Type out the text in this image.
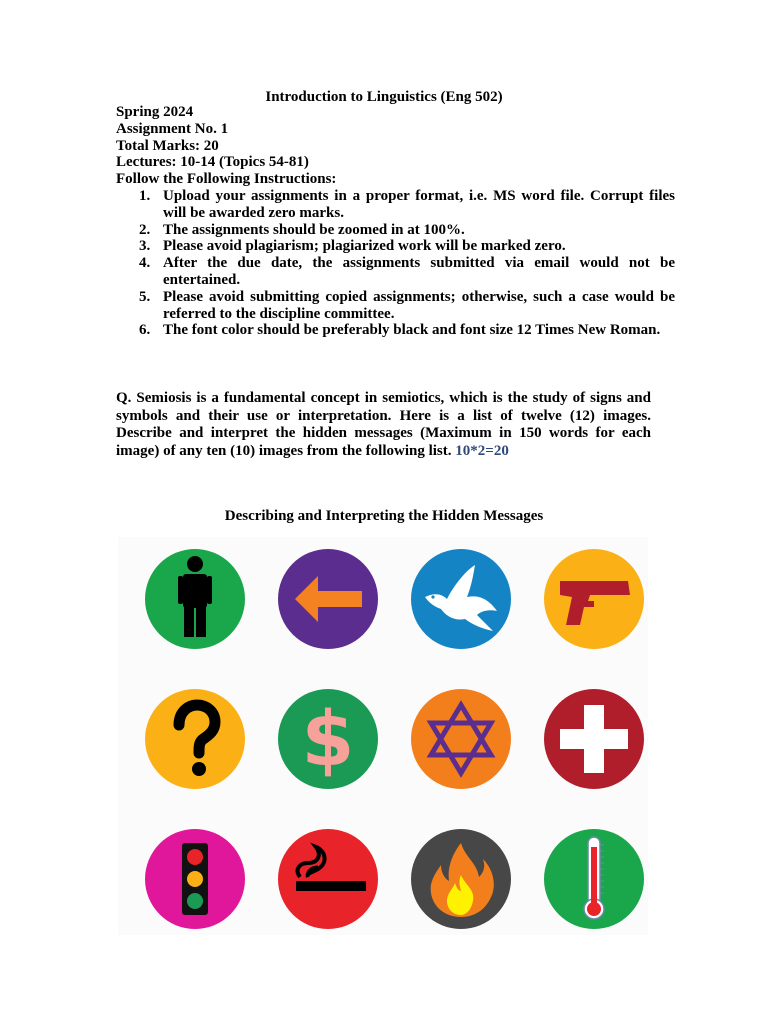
Introduction to Linguistics (Eng 502)
Spring 2024
Assignment No. 1
Total Marks: 20
Lectures: 10-14 (Topics 54-81)
Follow the Following Instructions:
1. Upload your assignments in a proper format, i.e. MS word file. Corrupt files will be awarded zero marks.
2. The assignments should be zoomed in at 100%.
3. Please avoid plagiarism; plagiarized work will be marked zero.
4. After the due date, the assignments submitted via email would not be entertained.
5. Please avoid submitting copied assignments; otherwise, such a case would be referred to the discipline committee.
6. The font color should be preferably black and font size 12 Times New Roman.

Q. Semiosis is a fundamental concept in semiotics, which is the study of signs and symbols and their use or interpretation. Here is a list of twelve (12) images. Describe and interpret the hidden messages (Maximum in 150 words for each image) of any ten (10) images from the following list. 10*2=20

Describing and Interpreting the Hidden Messages
$
